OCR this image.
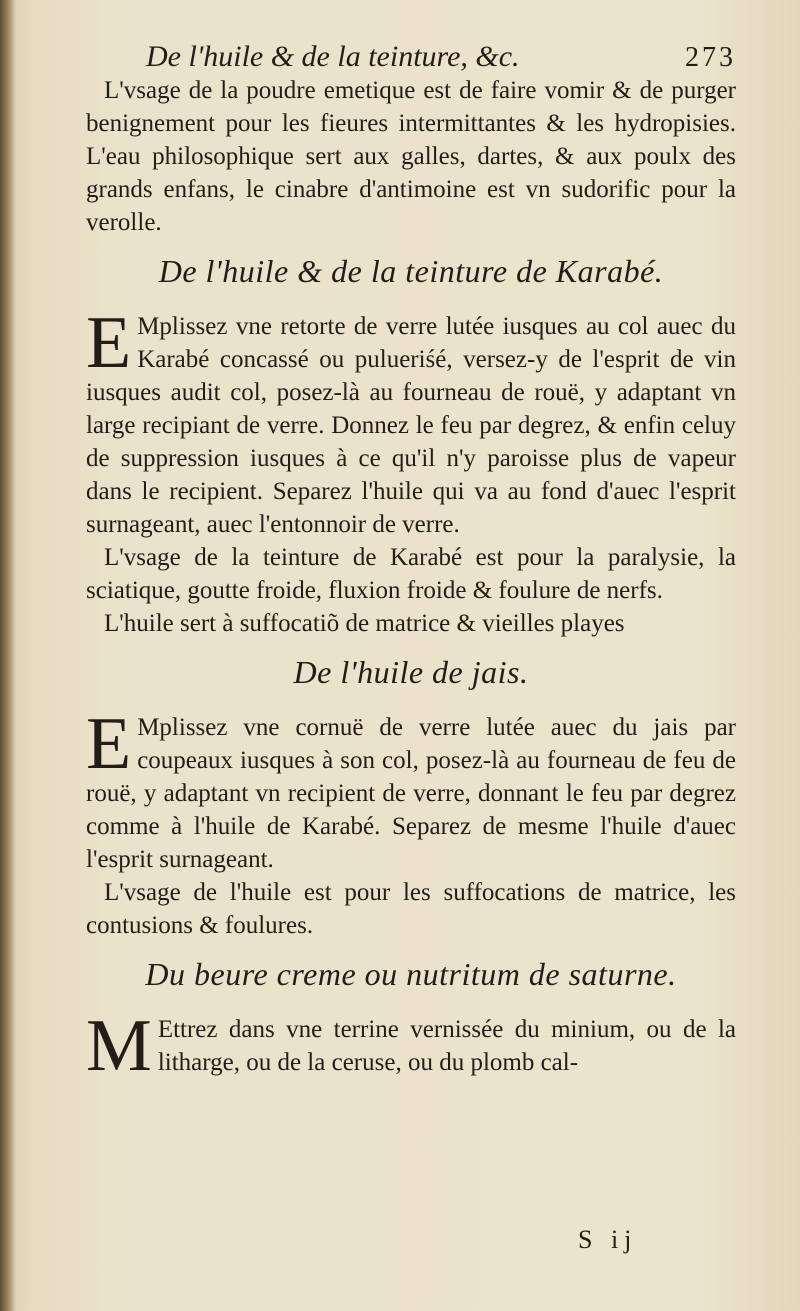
De l'huile & de la teinture, &c.	273

L'vsage de la poudre emetique est de faire vomir & de purger benignement pour les fieures intermittantes & les hydropisies. L'eau philosophique sert aux galles, dartes, & aux poulx des grands enfans, le cinabre d'antimoine est vn sudorific pour la verolle.

De l'huile & de la teinture de Karabé.

E Mplissez vne retorte de verre lutée iusques au col auec du Karabé concassé ou pulueriśé, versez-y de l'esprit de vin iusques audit col, posez-là au fourneau de rouë, y adaptant vn large recipiant de verre. Donnez le feu par degrez, & enfin celuy de suppression iusques à ce qu'il n'y paroisse plus de vapeur dans le recipient. Separez l'huile qui va au fond d'auec l'esprit surnageant, auec l'entonnoir de verre.

L'vsage de la teinture de Karabé est pour la paralysie, la sciatique, goutte froide, fluxion froide & foulure de nerfs.

L'huile sert à suffocatiõ de matrice & vieilles playes

De l'huile de jais.

E Mplissez vne cornuë de verre lutée auec du jais par coupeaux iusques à son col, posez-là au fourneau de feu de rouë, y adaptant vn recipient de verre, donnant le feu par degrez comme à l'huile de Karabé. Separez de mesme l'huile d'auec l'esprit surnageant.

L'vsage de l'huile est pour les suffocations de matrice, les contusions & foulures.

Du beure creme ou nutritum de saturne.

M Ettrez dans vne terrine vernissée du minium, ou de la litharge, ou de la ceruse, ou du plomb cal-

S ij
